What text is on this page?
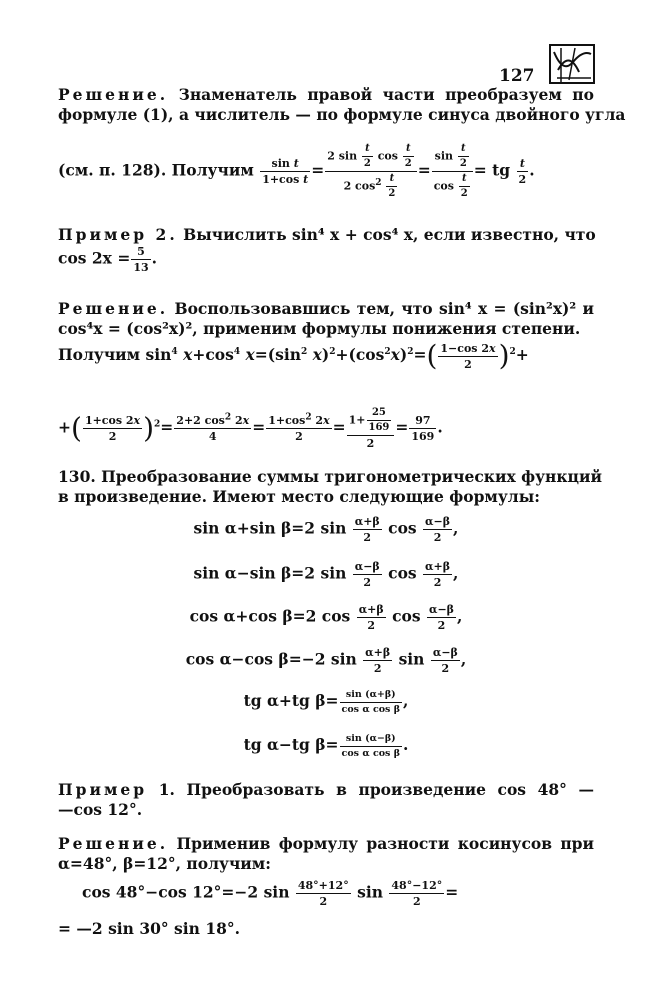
127
Решение. Знаменатель правой части преобразуем по
формуле (1), а числитель — по формуле синуса двойного угла
(см. п. 128). Получим $\frac{\text{sin t}}{\text{1+cos t}} = \frac{2 \sin \frac{t}{2} \cos \frac{t}{2}}{2 \cos^2 \frac{t}{2}} = \frac{\sin \frac{t}{2}}{\cos \frac{t}{2}}$ = tg $\frac{t}{2}$ .
Пример 2. Вычислить sin⁴ x + cos⁴ x, если известно, что
$\cos 2x = \frac{5}{13}$ .
Решение. Воспользовавшись тем, что sin⁴ x = (sin²x)² и
cos⁴x = (cos²x)², применим формулы понижения степени.
Получим $\sin^4 x+\cos^4$ $x=(\sin^2$ $x)^2+(\cos^2x)^2=( \frac{1-\cos 2x}{2} )^2+$
+( $\frac{1+\cos 2x}{2} )^2= \frac{2+2 \cos^2 2x}{4} = \frac{1+\cos^2 2x}{2} = \frac{1+ \frac{25}{169}}{2} = \frac{97}{169}$ .
130. Преобразование суммы тригонометрических функций
в произведение. Имеют место следующие формулы:
sin α+sin β=2 $\sin \frac{\alpha+\beta}{2}$ $\cos \frac{\alpha-\beta}{2}$ ,
sin α−sin β=2 $\sin \frac{\alpha-\beta}{2}$ $\cos \frac{\alpha+\beta}{2}$ ,
cos α+cos β=2 $\cos \frac{\alpha+\beta}{2}$ $\cos \frac{\alpha-\beta}{2}$ ,
cos α−cos β=−2 $\sin \frac{\alpha+\beta}{2}$ $\sin \frac{\alpha-\beta}{2}$ ,
tg α+tg $\beta= \frac{\sin (\alpha+\beta)}{\text{cos α cos β}}$ ,
tg α−tg $\beta= \frac{\sin (\alpha-\beta)}{\text{cos α cos β}}$ .
Пример 1. Преобразовать в произведение cos 48° —
—cos 12°.
Решение. Применив формулу разности косинусов при
α=48°, β=12°, получим:
cos 48°−cos 12°=−2 $\sin \frac{48^\circ+12^\circ}{2}$ $\sin \frac{48^\circ-12^\circ}{2}$ =
= —2 sin 30° sin 18°.
